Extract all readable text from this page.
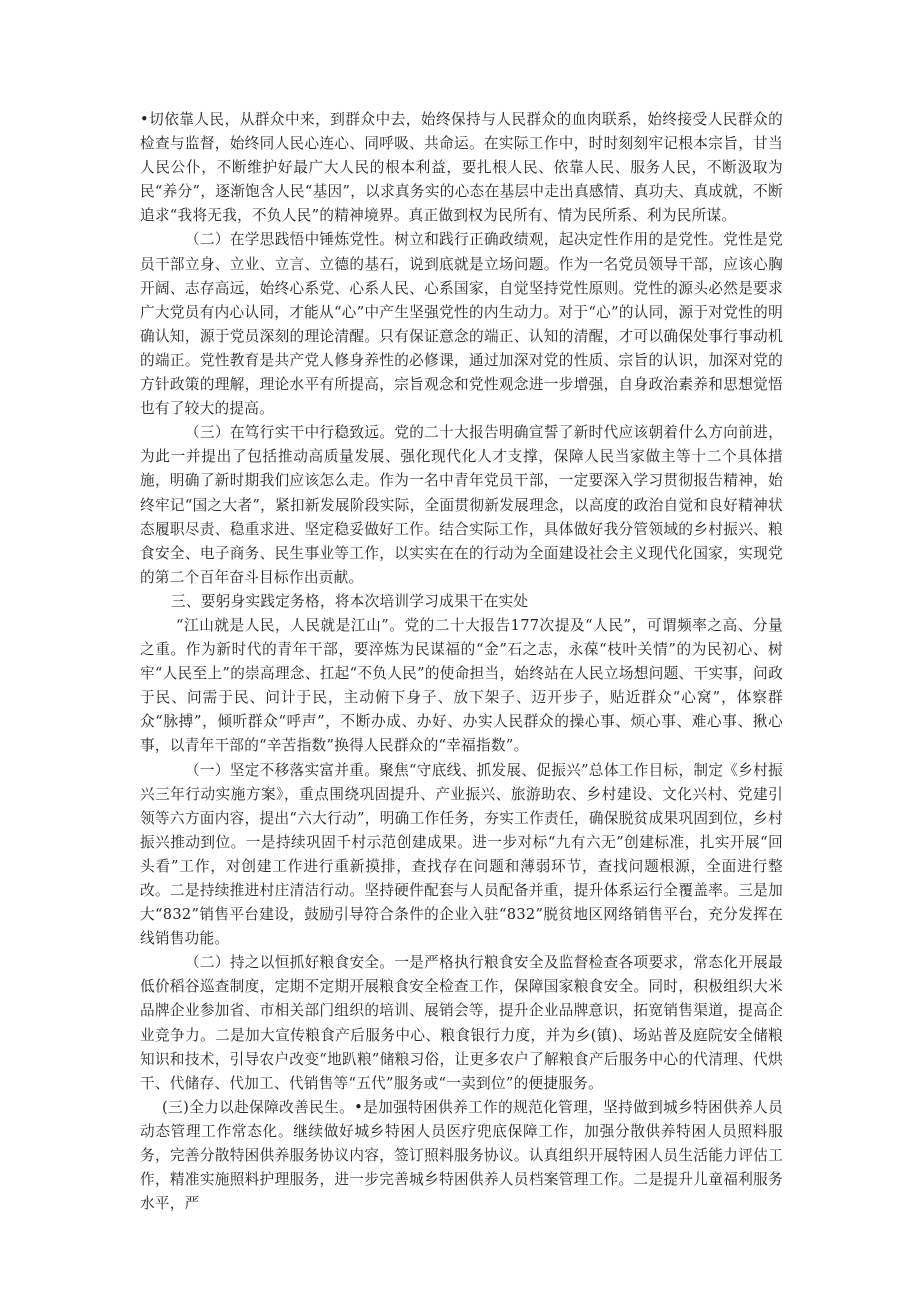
•切依靠人民，从群众中来，到群众中去，始终保持与人民群众的血肉联系，始终接受人民群众的检查与监督，始终同人民心连心、同呼吸、共命运。在实际工作中，时时刻刻牢记根本宗旨，甘当人民公仆，不断维护好最广大人民的根本利益，要扎根人民、依靠人民、服务人民，不断汲取为民“养分”，逐渐饱含人民“基因”，以求真务实的心态在基层中走出真感情、真功夫、真成就，不断追求“我将无我，不负人民”的精神境界。真正做到权为民所有、情为民所系、利为民所谋。

（二）在学思践悟中锤炼党性。树立和践行正确政绩观，起决定性作用的是党性。党性是党员干部立身、立业、立言、立德的基石，说到底就是立场问题。作为一名党员领导干部，应该心胸开阔、志存高远，始终心系党、心系人民、心系国家，自觉坚持党性原则。党性的源头必然是要求广大党员有内心认同，才能从“心”中产生坚强党性的内生动力。对于“心”的认同，源于对党性的明确认知，源于党员深刻的理论清醒。只有保证意念的端正、认知的清醒，才可以确保处事行事动机的端正。党性教育是共产党人修身养性的必修课，通过加深对党的性质、宗旨的认识，加深对党的方针政策的理解，理论水平有所提高，宗旨观念和党性观念进一步增强，自身政治素养和思想觉悟也有了较大的提高。

（三）在笃行实干中行稳致远。党的二十大报告明确宣誓了新时代应该朝着什么方向前进，为此一并提出了包括推动高质量发展、强化现代化人才支撑，保障人民当家做主等十二个具体措施，明确了新时期我们应该怎么走。作为一名中青年党员干部，一定要深入学习贯彻报告精神，始终牢记“国之大者”，紧扣新发展阶段实际，全面贯彻新发展理念，以高度的政治自觉和良好精神状态履职尽责、稳重求进、坚定稳妥做好工作。结合实际工作，具体做好我分管领域的乡村振兴、粮食安全、电子商务、民生事业等工作，以实实在在的行动为全面建设社会主义现代化国家，实现党的第二个百年奋斗目标作出贡献。

三、要躬身实践定务格，将本次培训学习成果干在实处

“江山就是人民，人民就是江山”。党的二十大报告177次提及“人民”，可谓频率之高、分量之重。作为新时代的青年干部，要淬炼为民谋福的“金”石之志，永葆“枝叶关情”的为民初心、树牢“人民至上”的崇高理念、扛起“不负人民”的使命担当，始终站在人民立场想问题、干实事，问政于民、问需于民、问计于民，主动俯下身子、放下架子、迈开步子，贴近群众“心窝”，体察群众“脉搏”，倾听群众“呼声”，不断办成、办好、办实人民群众的操心事、烦心事、难心事、揪心事，以青年干部的“辛苦指数”换得人民群众的“幸福指数”。

（一）坚定不移落实富并重。聚焦“守底线、抓发展、促振兴”总体工作目标，制定《乡村振兴三年行动实施方案》，重点围绕巩固提升、产业振兴、旅游助农、乡村建设、文化兴村、党建引领等六方面内容，提出“六大行动”，明确工作任务，夯实工作责任，确保脱贫成果巩固到位，乡村振兴推动到位。一是持续巩固千村示范创建成果。进一步对标“九有六无”创建标准，扎实开展“回头看”工作，对创建工作进行重新摸排，查找存在问题和薄弱环节，查找问题根源，全面进行整改。二是持续推进村庄清洁行动。坚持硬件配套与人员配备并重，提升体系运行全覆盖率。三是加大“832”销售平台建设，鼓励引导符合条件的企业入驻“832”脱贫地区网络销售平台，充分发挥在线销售功能。

（二）持之以恒抓好粮食安全。一是严格执行粮食安全及监督检查各项要求，常态化开展最低价稻谷巡查制度，定期不定期开展粮食安全检查工作，保障国家粮食安全。同时，积极组织大米品牌企业参加省、市相关部门组织的培训、展销会等，提升企业品牌意识，拓宽销售渠道，提高企业竞争力。二是加大宣传粮食产后服务中心、粮食银行力度，并为乡(镇)、场站普及庭院安全储粮知识和技术，引导农户改变“地趴粮”储粮习俗，让更多农户了解粮食产后服务中心的代清理、代烘干、代储存、代加工、代销售等“五代”服务或“一卖到位”的便捷服务。

(三)全力以赴保障改善民生。•是加强特困供养工作的规范化管理，坚持做到城乡特困供养人员动态管理工作常态化。继续做好城乡特困人员医疗兜底保障工作，加强分散供养特困人员照料服务，完善分散特困供养服务协议内容，签订照料服务协议。认真组织开展特困人员生活能力评估工作，精准实施照料护理服务，进一步完善城乡特困供养人员档案管理工作。二是提升儿童福利服务水平，严
